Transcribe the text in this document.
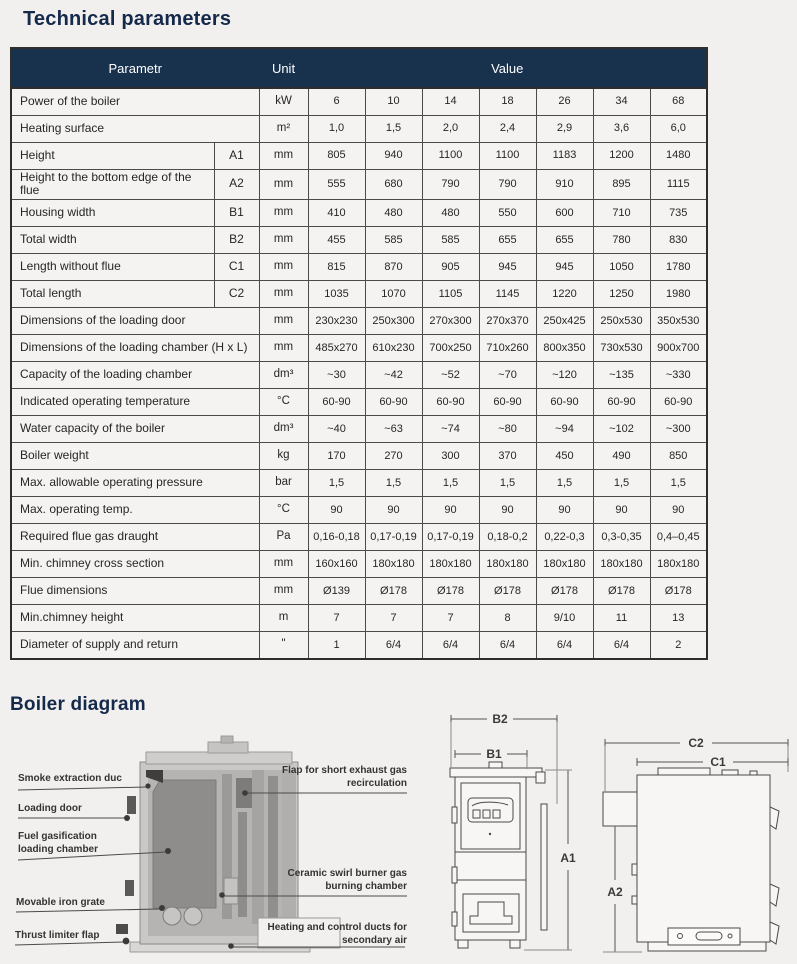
Technical parameters
Parametr		Unit	Value						
Power of the boiler		kW	6	10	14	18	26	34	68
Heating surface		m²	1,0	1,5	2,0	2,4	2,9	3,6	6,0
Height	A1	mm	805	940	1100	1100	1183	1200	1480
Height to the bottom edge of the flue	A2	mm	555	680	790	790	910	895	1115
Housing width	B1	mm	410	480	480	550	600	710	735
Total width	B2	mm	455	585	585	655	655	780	830
Length without flue	C1	mm	815	870	905	945	945	1050	1780
Total length	C2	mm	1035	1070	1105	1145	1220	1250	1980
Dimensions of the loading door		mm	230x230	250x300	270x300	270x370	250x425	250x530	350x530
Dimensions of the loading chamber (H x L)		mm	485x270	610x230	700x250	710x260	800x350	730x530	900x700
Capacity of the loading chamber		dm³	~30	~42	~52	~70	~120	~135	~330
Indicated operating temperature		°C	60-90	60-90	60-90	60-90	60-90	60-90	60-90
Water capacity of the boiler		dm³	~40	~63	~74	~80	~94	~102	~300
Boiler weight		kg	170	270	300	370	450	490	850
Max. allowable operating pressure		bar	1,5	1,5	1,5	1,5	1,5	1,5	1,5
Max. operating temp.		°C	90	90	90	90	90	90	90
Required flue gas draught		Pa	0,16-0,18	0,17-0,19	0,17-0,19	0,18-0,2	0,22-0,3	0,3-0,35	0,4–0,45
Min. chimney cross section		mm	160x160	180x180	180x180	180x180	180x180	180x180	180x180
Flue dimensions		mm	Ø139	Ø178	Ø178	Ø178	Ø178	Ø178	Ø178
Min.chimney height		m	7	7	7	8	9/10	11	13
Diameter of supply and return		"	1	6/4	6/4	6/4	6/4	6/4	2
Boiler diagram
B2
B1
A1
C2
C1
A2
Smoke extraction duc
Loading door
Fuel gasification loading chamber
Movable iron grate
Thrust limiter flap
Flap for short exhaust gas recirculation
Ceramic swirl burner gas burning chamber
Heating and control ducts for secondary air
